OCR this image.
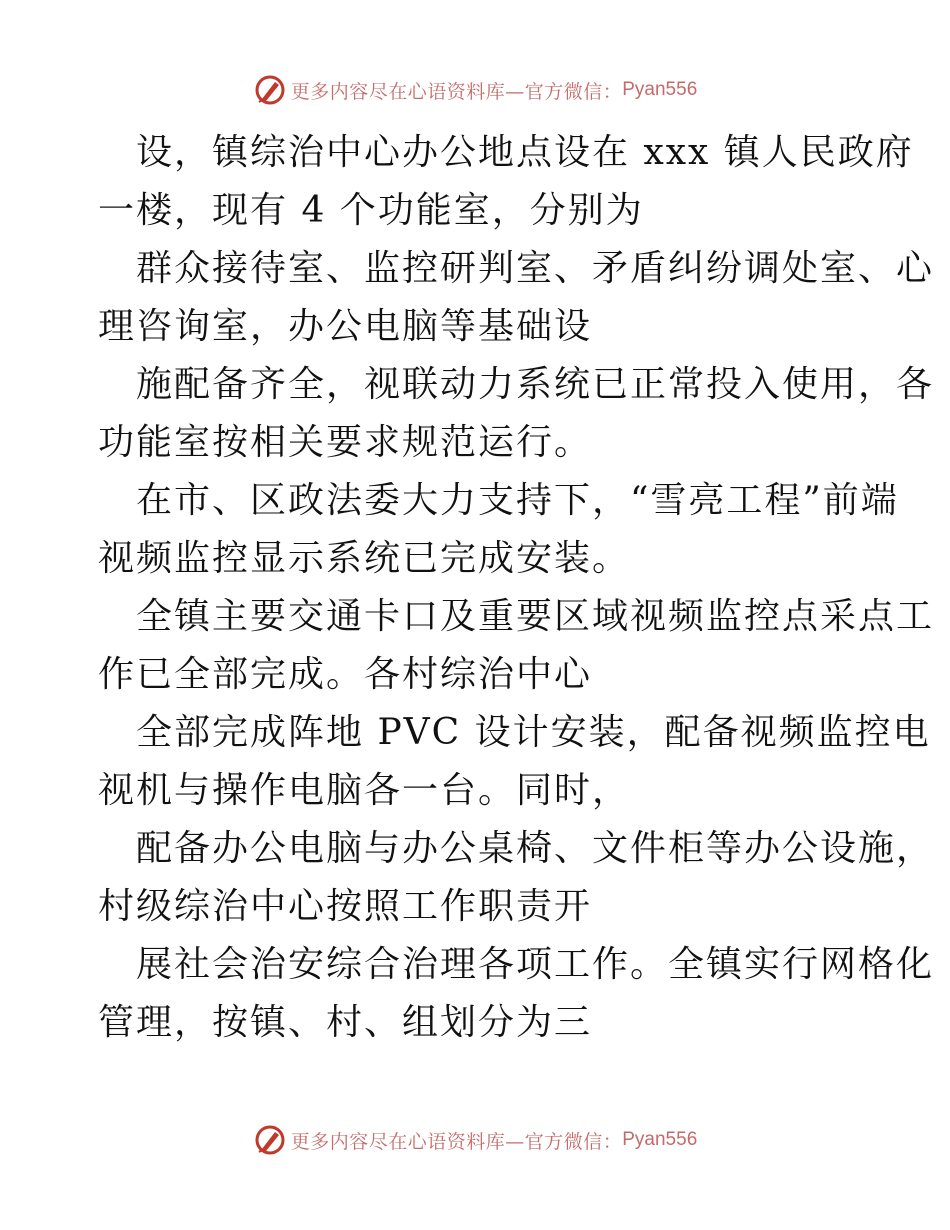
更多内容尽在心语资料库—官方微信： Pyan556

设，镇综治中心办公地点设在 xxx 镇人民政府
一楼，现有 4 个功能室，分别为

群众接待室、监控研判室、矛盾纠纷调处室、心
理咨询室，办公电脑等基础设

施配备齐全，视联动力系统已正常投入使用，各
功能室按相关要求规范运行。

在市、区政法委大力支持下，“雪亮工程”前端
视频监控显示系统已完成安装。

全镇主要交通卡口及重要区域视频监控点采点工
作已全部完成。各村综治中心

全部完成阵地 PVC 设计安装，配备视频监控电
视机与操作电脑各一台。同时，

配备办公电脑与办公桌椅、文件柜等办公设施，
村级综治中心按照工作职责开

展社会治安综合治理各项工作。全镇实行网格化
管理，按镇、村、组划分为三

更多内容尽在心语资料库—官方微信： Pyan556
